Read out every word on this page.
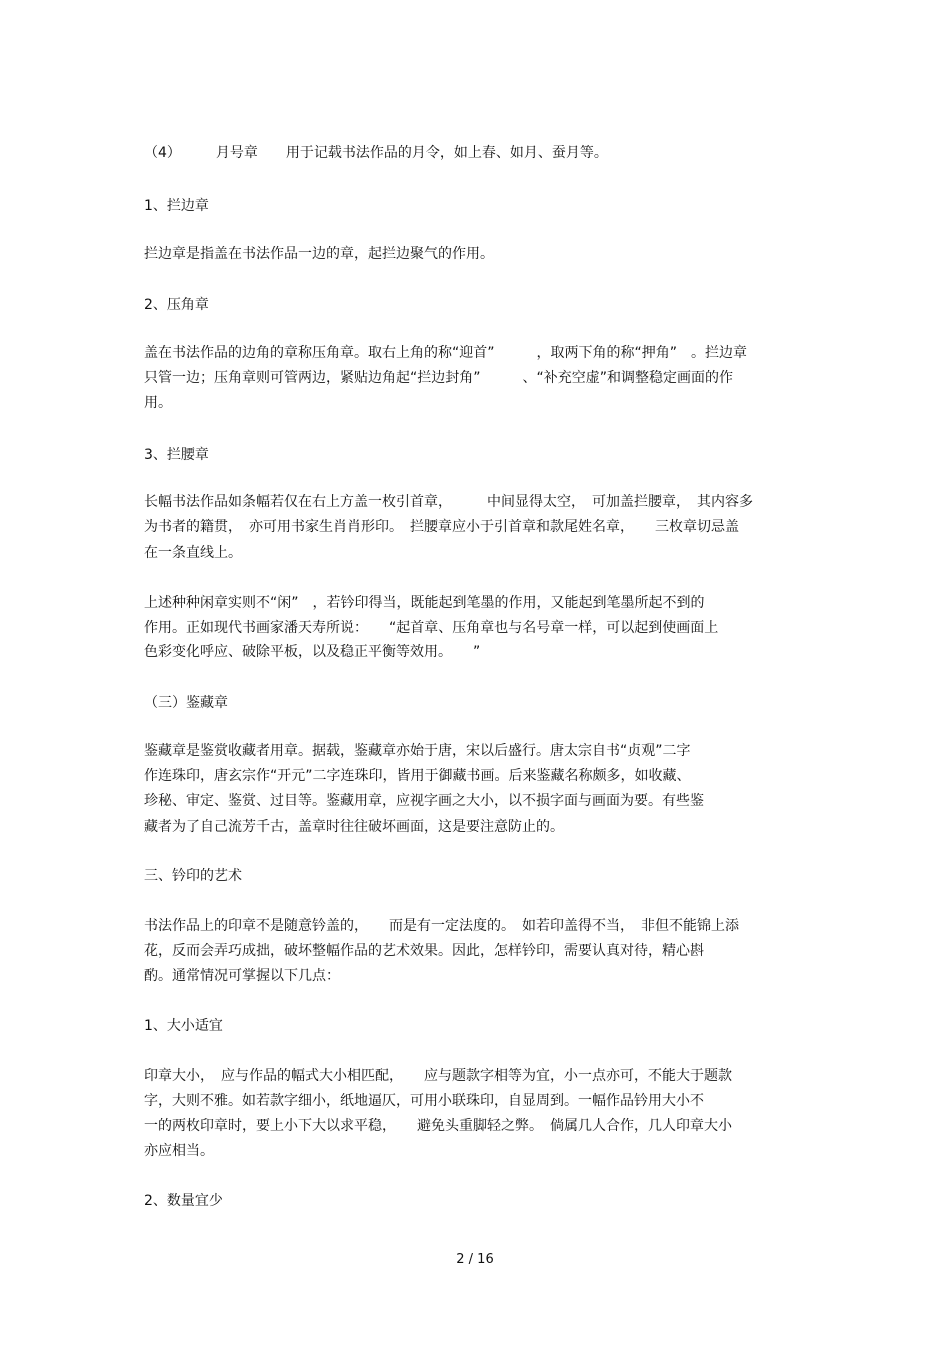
（4）　　　月号章　　用于记载书法作品的月令，如上春、如月、蚕月等。

1、拦边章

拦边章是指盖在书法作品一边的章，起拦边聚气的作用。

2、压角章

盖在书法作品的边角的章称压角章。取右上角的称“迎首”　　　，取两下角的称“押角”　。拦边章

只管一边；压角章则可管两边，紧贴边角起“拦边封角”　　　、“补充空虚”和调整稳定画面的作

用。

3、拦腰章

长幅书法作品如条幅若仅在右上方盖一枚引首章，　　　中间显得太空，　可加盖拦腰章，　其内容多

为书者的籍贯，　亦可用书家生肖肖形印。　拦腰章应小于引首章和款尾姓名章，　　三枚章切忌盖

在一条直线上。

上述种种闲章实则不“闲”　，若钤印得当，既能起到笔墨的作用，又能起到笔墨所起不到的

作用。正如现代书画家潘天寿所说：　　“起首章、压角章也与名号章一样，可以起到使画面上

色彩变化呼应、破除平板，以及稳正平衡等效用。　　”

（三）鉴藏章

鉴藏章是鉴赏收藏者用章。据载，鉴藏章亦始于唐，宋以后盛行。唐太宗自书“贞观”二字

作连珠印，唐玄宗作“开元”二字连珠印，皆用于御藏书画。后来鉴藏名称颇多，如收藏、

珍秘、审定、鉴赏、过目等。鉴藏用章，应视字画之大小，以不损字面与画面为要。有些鉴

藏者为了自己流芳千古，盖章时往往破坏画面，这是要注意防止的。

三、钤印的艺术

书法作品上的印章不是随意钤盖的，　　而是有一定法度的。　如若印盖得不当，　非但不能锦上添

花，反而会弄巧成拙，破坏整幅作品的艺术效果。因此，怎样钤印，需要认真对待，精心斟

酌。通常情况可掌握以下几点：

1、大小适宜

印章大小，　应与作品的幅式大小相匹配，　　应与题款字相等为宜，小一点亦可，不能大于题款

字，大则不雅。如若款字细小，纸地逼仄，可用小联珠印，自显周到。一幅作品钤用大小不

一的两枚印章时，要上小下大以求平稳，　　避免头重脚轻之弊。　倘属几人合作，几人印章大小

亦应相当。

2、数量宜少

2 / 16
